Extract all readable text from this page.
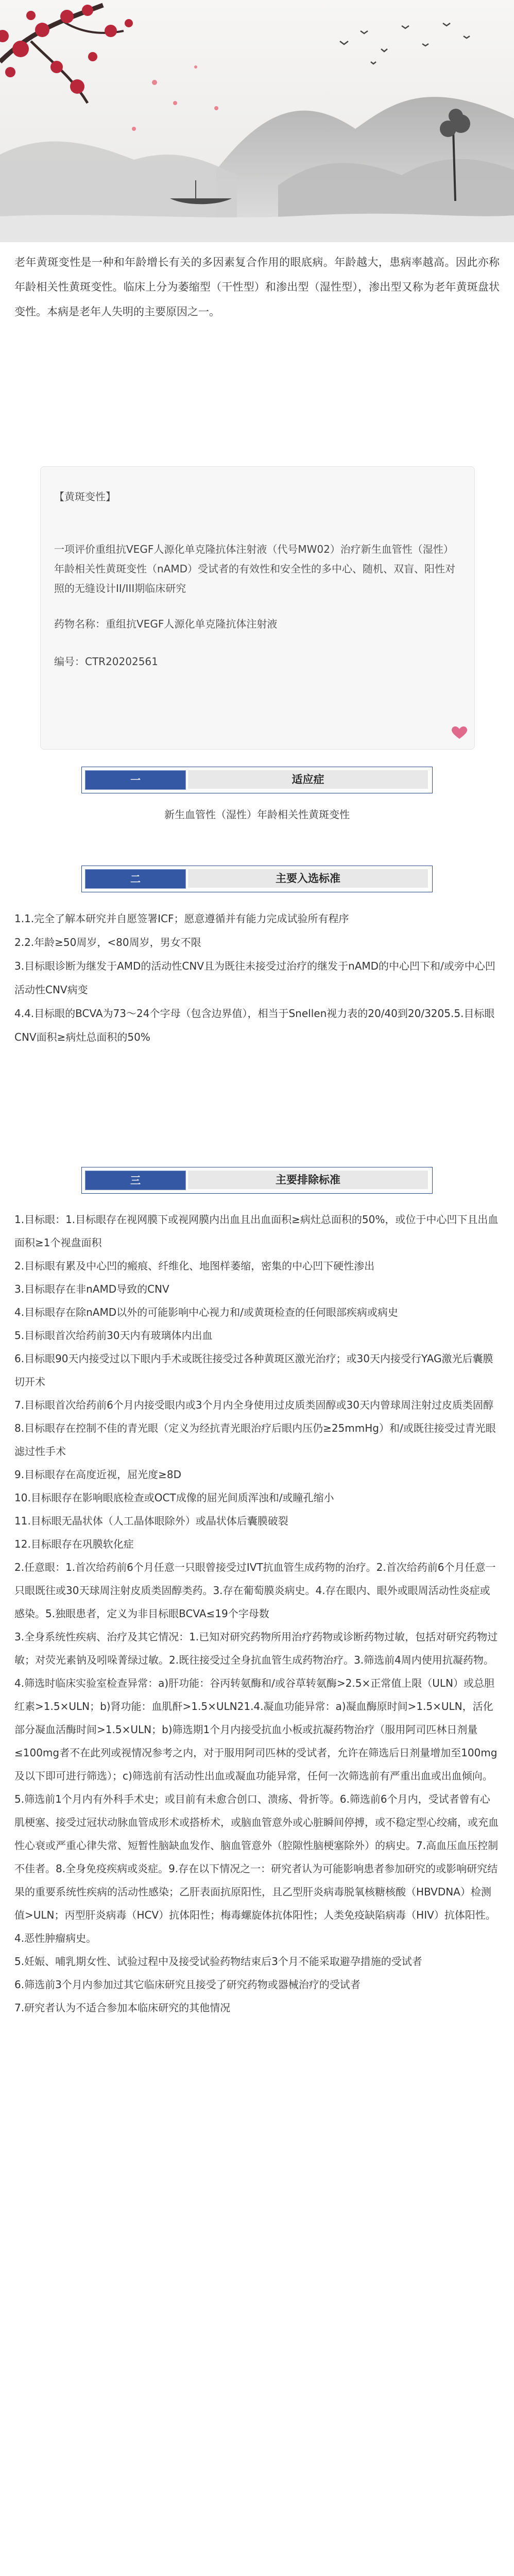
老年黄斑变性是一种和年龄增长有关的多因素复合作用的眼底病。年龄越大，患病率越高。因此亦称年龄相关性黄斑变性。临床上分为萎缩型（干性型）和渗出型（湿性型），渗出型又称为老年黄斑盘状变性。本病是老年人失明的主要原因之一。
【黄斑变性】
一项评价重组抗VEGF人源化单克隆抗体注射液（代号MW02）治疗新生血管性（湿性）年龄相关性黄斑变性（nAMD）受试者的有效性和安全性的多中心、随机、双盲、阳性对照的无缝设计II/III期临床研究
药物名称：重组抗VEGF人源化单克隆抗体注射液
编号：CTR20202561
一	适应症
新生血管性（湿性）年龄相关性黄斑变性
二	主要入选标准

1.1.完全了解本研究并自愿签署ICF；愿意遵循并有能力完成试验所有程序

2.2.年龄≥50周岁，<80周岁，男女不限

3.目标眼诊断为继发于AMD的活动性CNV且为既往未接受过治疗的继发于nAMD的中心凹下和/或旁中心凹活动性CNV病变

4.4.目标眼的BCVA为73～24个字母（包含边界值），相当于Snellen视力表的20/40到20/3205.5.目标眼CNV面积≥病灶总面积的50%

三	主要排除标准

1.目标眼：1.目标眼存在视网膜下或视网膜内出血且出血面积≥病灶总面积的50%，或位于中心凹下且出血面积≥1个视盘面积

2.目标眼有累及中心凹的瘢痕、纤维化、地图样萎缩，密集的中心凹下硬性渗出

3.目标眼存在非nAMD导致的CNV

4.目标眼存在除nAMD以外的可能影响中心视力和/或黄斑检查的任何眼部疾病或病史

5.目标眼首次给药前30天内有玻璃体内出血

6.目标眼90天内接受过以下眼内手术或既往接受过各种黄斑区激光治疗；或30天内接受行YAG激光后囊膜切开术

7.目标眼首次给药前6个月内接受眼内或3个月内全身使用过皮质类固醇或30天内曾球周注射过皮质类固醇

8.目标眼存在控制不佳的青光眼（定义为经抗青光眼治疗后眼内压仍≥25mmHg）和/或既往接受过青光眼滤过性手术

9.目标眼存在高度近视，屈光度≥8D

10.目标眼存在影响眼底检查或OCT成像的屈光间质浑浊和/或瞳孔缩小

11.目标眼无晶状体（人工晶体眼除外）或晶状体后囊膜破裂

12.目标眼存在巩膜软化症

2.任意眼：1.首次给药前6个月任意一只眼曾接受过IVT抗血管生成药物的治疗。2.首次给药前6个月任意一只眼既往或30天球周注射皮质类固醇类药。3.存在葡萄膜炎病史。4.存在眼内、眼外或眼周活动性炎症或感染。5.独眼患者，定义为非目标眼BCVA≤19个字母数

3.全身系统性疾病、治疗及其它情况：1.已知对研究药物所用治疗药物或诊断药物过敏，包括对研究药物过敏；对荧光素钠及吲哚菁绿过敏。2.既往接受过全身抗血管生成药物治疗。3.筛选前4周内使用抗凝药物。4.筛选时临床实验室检查异常：a)肝功能：谷丙转氨酶和/或谷草转氨酶>2.5×正常值上限（ULN）或总胆红素>1.5×ULN；b)肾功能：血肌酐>1.5×ULN21.4.凝血功能异常：a)凝血酶原时间>1.5×ULN，活化部分凝血活酶时间>1.5×ULN；b)筛选期1个月内接受抗血小板或抗凝药物治疗（服用阿司匹林日剂量≤100mg者不在此列或视情况参考之内，对于服用阿司匹林的受试者，允许在筛选后日剂量增加至100mg及以下即可进行筛选）；c)筛选前有活动性出血或凝血功能异常，任何一次筛选前有严重出血或出血倾向。5.筛选前1个月内有外科手术史；或目前有未愈合创口、溃疡、骨折等。6.筛选前6个月内，受试者曾有心肌梗塞、接受过冠状动脉血管成形术或搭桥术，或脑血管意外或心脏瞬间停搏，或不稳定型心绞痛，或充血性心衰或严重心律失常、短暂性脑缺血发作、脑血管意外（腔隙性脑梗塞除外）的病史。7.高血压血压控制不佳者。8.全身免疫疾病或炎症。9.存在以下情况之一：研究者认为可能影响患者参加研究的或影响研究结果的重要系统性疾病的活动性感染；乙肝表面抗原阳性，且乙型肝炎病毒脱氧核糖核酸（HBVDNA）检测值>ULN；丙型肝炎病毒（HCV）抗体阳性；梅毒螺旋体抗体阳性；人类免疫缺陷病毒（HIV）抗体阳性。

4.恶性肿瘤病史。

5.妊娠、哺乳期女性、试验过程中及接受试验药物结束后3个月不能采取避孕措施的受试者

6.筛选前3个月内参加过其它临床研究且接受了研究药物或器械治疗的受试者

7.研究者认为不适合参加本临床研究的其他情况
